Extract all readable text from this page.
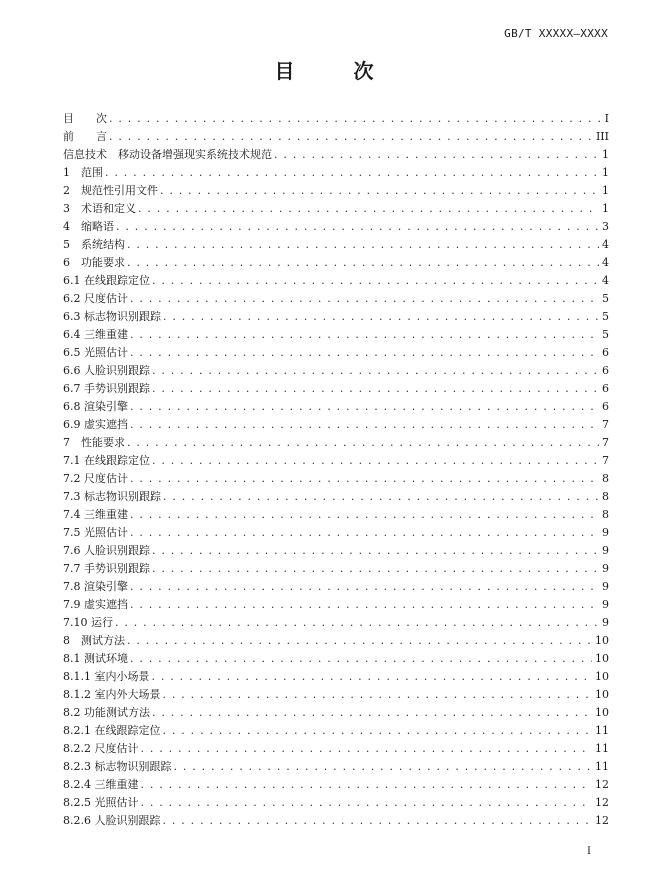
GB/T XXXXX—XXXX
目 次
目　　次 . . .	I
前　　言 . . .	III
信息技术　移动设备增强现实系统技术规范 . . .	1
1　范围 . . .	1
2　规范性引用文件 . . .	1
3　术语和定义 . . .	1
4　缩略语 . . .	3
5　系统结构 . . .	4
6　功能要求 . . .	4
6.1 在线跟踪定位 . . .	4
6.2 尺度估计 . . .	5
6.3 标志物识别跟踪 . . .	5
6.4 三维重建 . . .	5
6.5 光照估计 . . .	6
6.6 人脸识别跟踪 . . .	6
6.7 手势识别跟踪 . . .	6
6.8 渲染引擎 . . .	6
6.9 虚实遮挡 . . .	7
7　性能要求 . . .	7
7.1 在线跟踪定位 . . .	7
7.2 尺度估计 . . .	8
7.3 标志物识别跟踪 . . .	8
7.4 三维重建 . . .	8
7.5 光照估计 . . .	9
7.6 人脸识别跟踪 . . .	9
7.7 手势识别跟踪 . . .	9
7.8 渲染引擎 . . .	9
7.9 虚实遮挡 . . .	9
7.10 运行 . . .	9
8　测试方法 . . .	10
8.1 测试环境 . . .	10
8.1.1 室内小场景 . . .	10
8.1.2 室内外大场景 . . .	10
8.2 功能测试方法 . . .	10
8.2.1 在线跟踪定位 . . .	11
8.2.2 尺度估计 . . .	11
8.2.3 标志物识别跟踪 . . .	11
8.2.4 三维重建 . . .	12
8.2.5 光照估计 . . .	12
8.2.6 人脸识别跟踪 . . .	12
I
